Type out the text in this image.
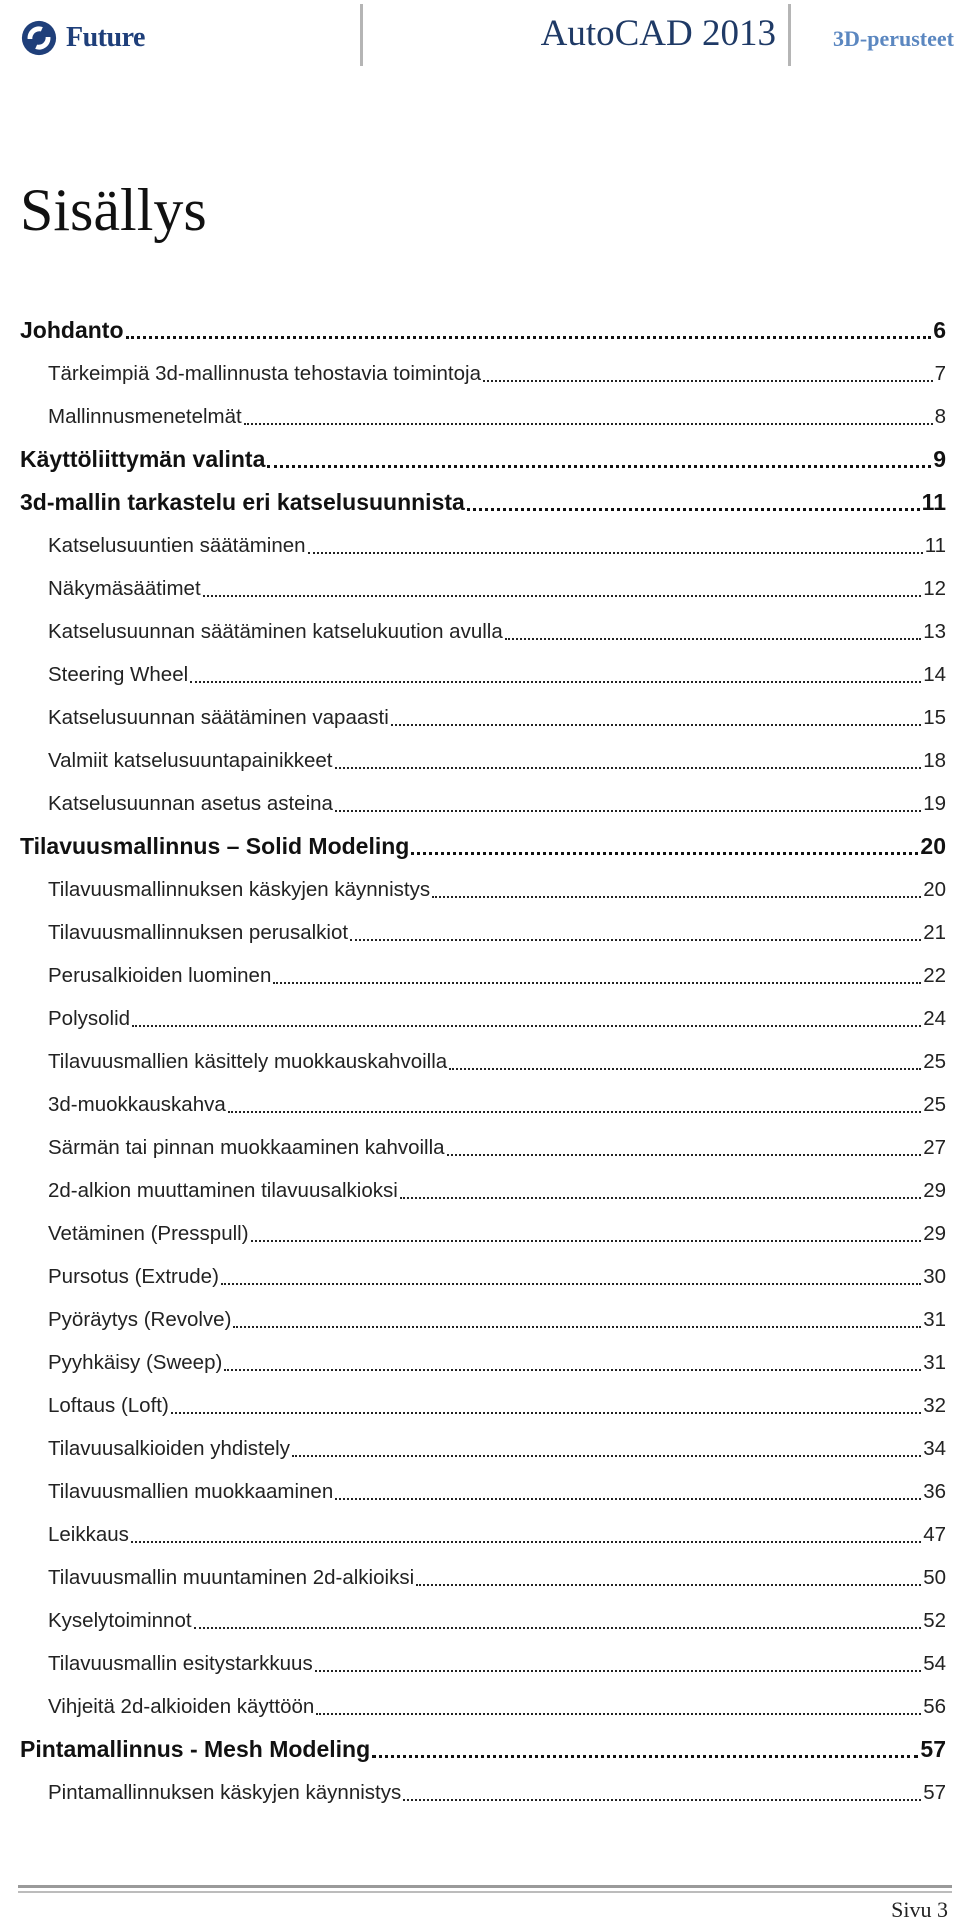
Future	AutoCAD 2013	3D-perusteet
Sisällys
Johdanto	6
Tärkeimpiä 3d-mallinnusta tehostavia toimintoja	7
Mallinnusmenetelmät	8
Käyttöliittymän valinta	9
3d-mallin tarkastelu eri katselusuunnista	11
Katselusuuntien säätäminen	11
Näkymäsäätimet	12
Katselusuunnan säätäminen katselukuution avulla	13
Steering Wheel	14
Katselusuunnan säätäminen vapaasti	15
Valmiit katselusuuntapainikkeet	18
Katselusuunnan asetus asteina	19
Tilavuusmallinnus – Solid Modeling	20
Tilavuusmallinnuksen käskyjen käynnistys	20
Tilavuusmallinnuksen perusalkiot	21
Perusalkioiden luominen	22
Polysolid	24
Tilavuusmallien käsittely muokkauskahvoilla	25
3d-muokkauskahva	25
Särmän tai pinnan muokkaaminen kahvoilla	27
2d-alkion muuttaminen tilavuusalkioksi	29
Vetäminen (Presspull)	29
Pursotus (Extrude)	30
Pyöräytys (Revolve)	31
Pyyhkäisy (Sweep)	31
Loftaus (Loft)	32
Tilavuusalkioiden yhdistely	34
Tilavuusmallien muokkaaminen	36
Leikkaus	47
Tilavuusmallin muuntaminen 2d-alkioiksi	50
Kyselytoiminnot	52
Tilavuusmallin esitystarkkuus	54
Vihjeitä 2d-alkioiden käyttöön	56
Pintamallinnus - Mesh Modeling	57
Pintamallinnuksen käskyjen käynnistys	57
Sivu 3
